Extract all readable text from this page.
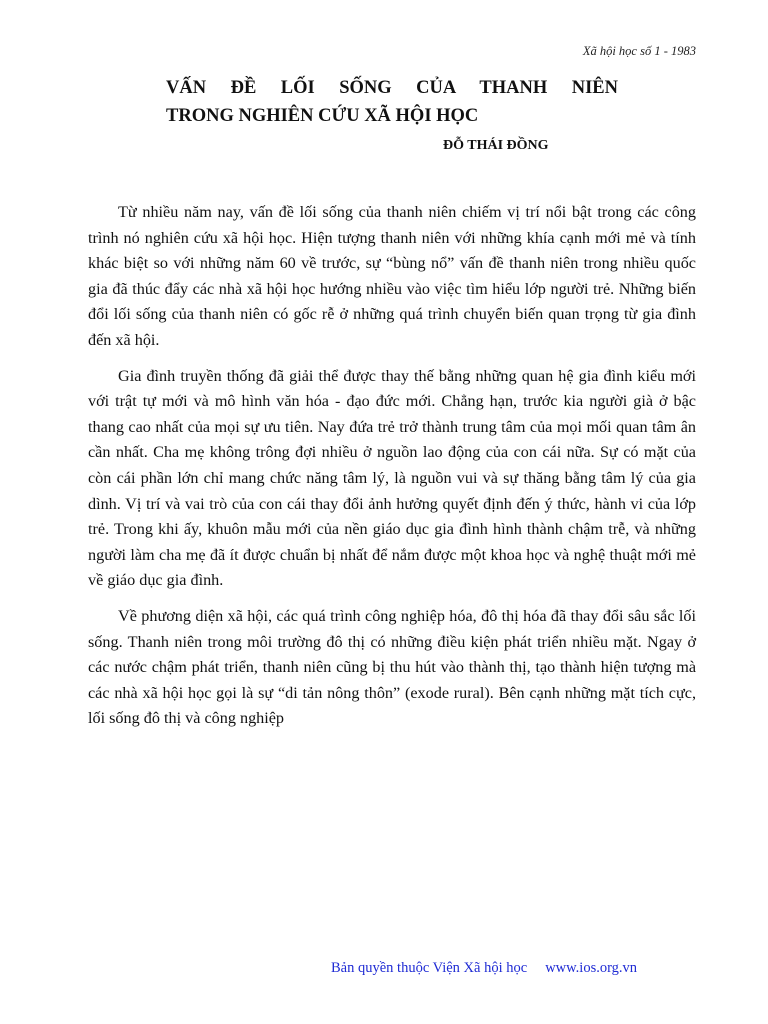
Xã hội học số 1 - 1983
VẤN ĐỀ LỐI SỐNG CỦA THANH NIÊN
TRONG NGHIÊN CỨU XÃ HỘI HỌC
ĐỖ THÁI ĐỒNG

Từ nhiều năm nay, vấn đề lối sống của thanh niên chiếm vị trí nổi bật trong các công trình nó nghiên cứu xã hội học. Hiện tượng thanh niên với những khía cạnh mới mẻ và tính khác biệt so với những năm 60 về trước, sự “bùng nổ” vấn đề thanh niên trong nhiều quốc gia đã thúc đẩy các nhà xã hội học hướng nhiều vào việc tìm hiểu lớp người trẻ. Những biến đổi lối sống của thanh niên có gốc rễ ở những quá trình chuyển biến quan trọng từ gia đình đến xã hội.

Gia đình truyền thống đã giải thể được thay thế bằng những quan hệ gia đình kiểu mới với trật tự mới và mô hình văn hóa - đạo đức mới. Chẳng hạn, trước kia người già ở bậc thang cao nhất của mọi sự ưu tiên. Nay đứa trẻ trở thành trung tâm của mọi mối quan tâm ân cần nhất. Cha mẹ không trông đợi nhiều ở nguồn lao động của con cái nữa. Sự có mặt của còn cái phần lớn chỉ mang chức năng tâm lý, là nguồn vui và sự thăng bằng tâm lý của gia dình. Vị trí và vai trò của con cái thay đổi ảnh hưởng quyết định đến ý thức, hành vi của lớp trẻ. Trong khi ấy, khuôn mẫu mới của nền giáo dục gia đình hình thành chậm trễ, và những người làm cha mẹ đã ít được chuẩn bị nhất để nắm được một khoa học và nghệ thuật mới mẻ về giáo dục gia đình.

Về phương diện xã hội, các quá trình công nghiệp hóa, đô thị hóa đã thay đổi sâu sắc lối sống. Thanh niên trong môi trường đô thị có những điều kiện phát triển nhiều mặt. Ngay ở các nước chậm phát triển, thanh niên cũng bị thu hút vào thành thị, tạo thành hiện tượng mà các nhà xã hội học gọi là sự “di tản nông thôn” (exode rural). Bên cạnh những mặt tích cực, lối sống đô thị và công nghiệp

Bản quyền thuộc Viện Xã hội học www.ios.org.vn
